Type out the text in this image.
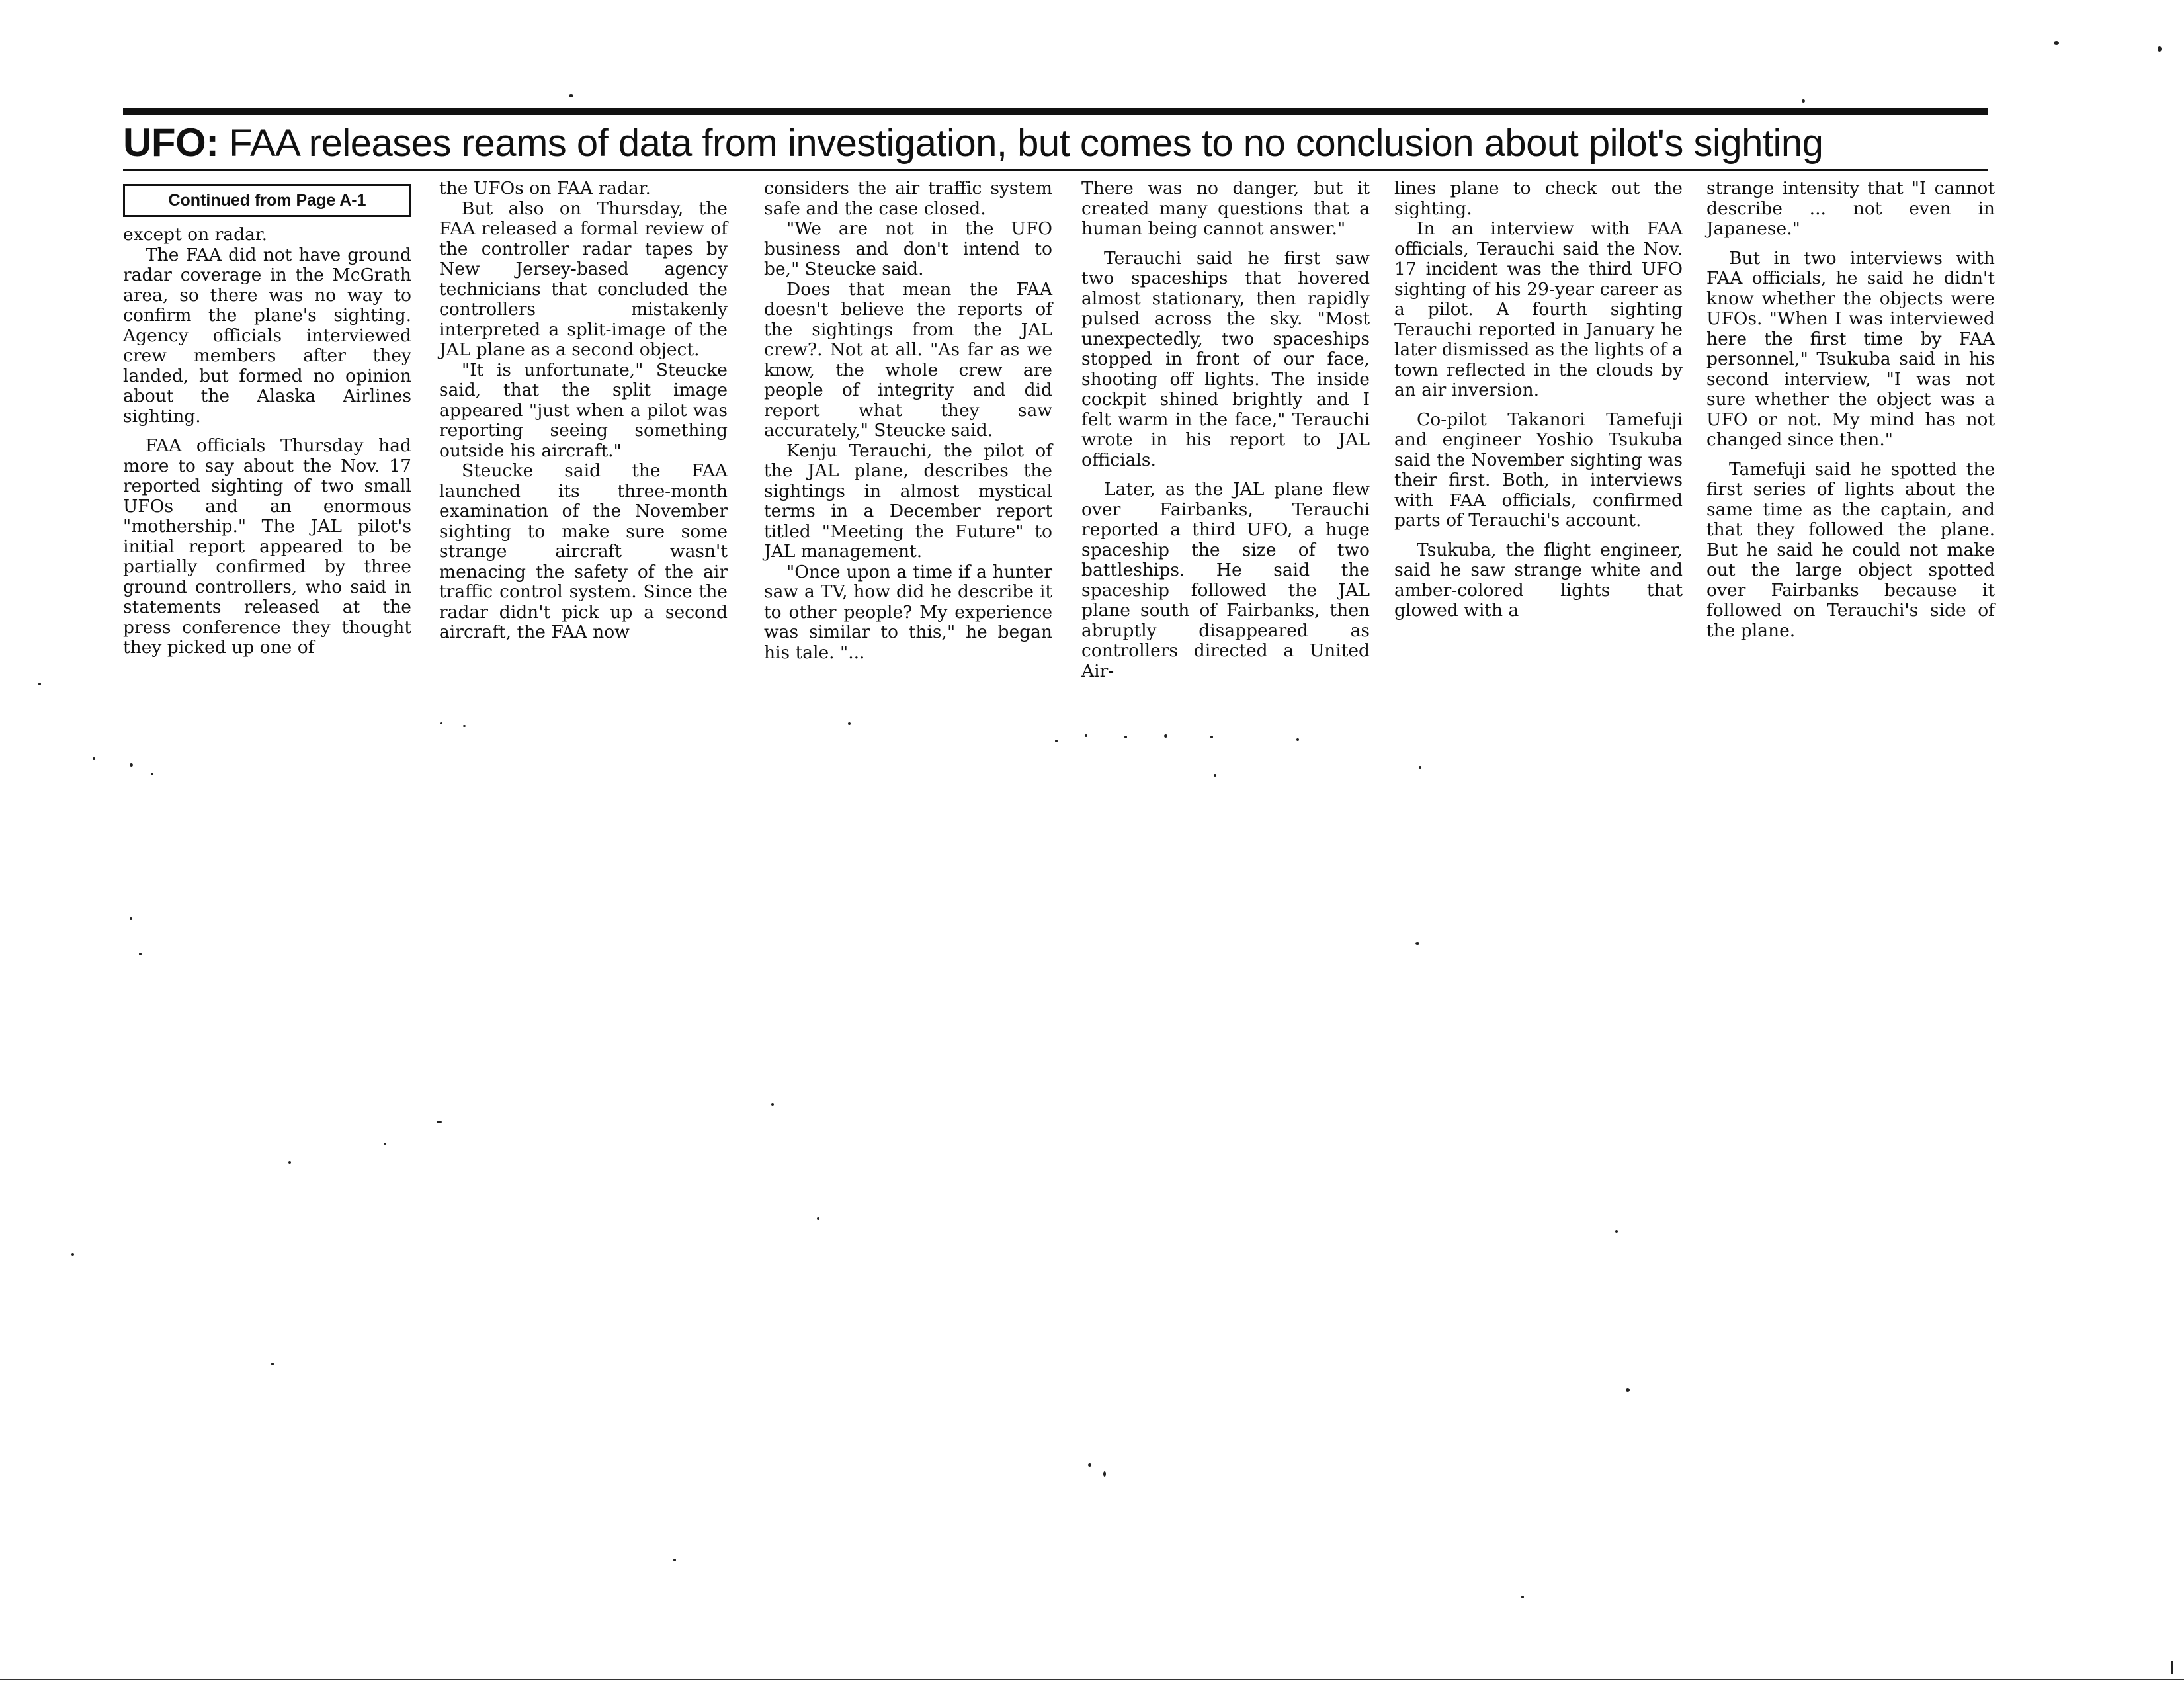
UFO: FAA releases reams of data from investigation, but comes to no conclusion about pilot's sighting
Continued from Page A-1

except on radar.

The FAA did not have ground radar coverage in the McGrath area, so there was no way to confirm the plane's sighting. Agency officials interviewed crew members after they landed, but formed no opinion about the Alaska Airlines sighting.

FAA officials Thursday had more to say about the Nov. 17 reported sighting of two small UFOs and an enormous "mothership." The JAL pilot's initial report appeared to be partially confirmed by three ground controllers, who said in statements released at the press conference they thought they picked up one of

the UFOs on FAA radar.

But also on Thursday, the FAA released a formal review of the controller radar tapes by New Jersey-based agency technicians that concluded the controllers mistakenly interpreted a split-image of the JAL plane as a second object.

"It is unfortunate," Steucke said, that the split image appeared "just when a pilot was reporting seeing something outside his aircraft."

Steucke said the FAA launched its three-month examination of the November sighting to make sure some strange aircraft wasn't menacing the safety of the air traffic control system. Since the radar didn't pick up a second aircraft, the FAA now

considers the air traffic system safe and the case closed.

"We are not in the UFO business and don't intend to be," Steucke said.

Does that mean the FAA doesn't believe the reports of the sightings from the JAL crew?. Not at all. "As far as we know, the whole crew are people of integrity and did report what they saw accurately," Steucke said.

Kenju Terauchi, the pilot of the JAL plane, describes the sightings in almost mystical terms in a December report titled "Meeting the Future" to JAL management.

"Once upon a time if a hunter saw a TV, how did he describe it to other people? My experience was similar to this," he began his tale. "...

There was no danger, but it created many questions that a human being cannot answer."

Terauchi said he first saw two spaceships that hovered almost stationary, then rapidly pulsed across the sky. "Most unexpectedly, two spaceships stopped in front of our face, shooting off lights. The inside cockpit shined brightly and I felt warm in the face," Terauchi wrote in his report to JAL officials.

Later, as the JAL plane flew over Fairbanks, Terauchi reported a third UFO, a huge spaceship the size of two battleships. He said the spaceship followed the JAL plane south of Fairbanks, then abruptly disappeared as controllers directed a United Air-

lines plane to check out the sighting.

In an interview with FAA officials, Terauchi said the Nov. 17 incident was the third UFO sighting of his 29-year career as a pilot. A fourth sighting Terauchi reported in January he later dismissed as the lights of a town reflected in the clouds by an air inversion.

Co-pilot Takanori Tamefuji and engineer Yoshio Tsukuba said the November sighting was their first. Both, in interviews with FAA officials, confirmed parts of Terauchi's account.

Tsukuba, the flight engineer, said he saw strange white and amber-colored lights that glowed with a

strange intensity that "I cannot describe ... not even in Japanese."

But in two interviews with FAA officials, he said he didn't know whether the objects were UFOs. "When I was interviewed here the first time by FAA personnel," Tsukuba said in his second interview, "I was not sure whether the object was a UFO or not. My mind has not changed since then."

Tamefuji said he spotted the first series of lights about the same time as the captain, and that they followed the plane. But he said he could not make out the large object spotted over Fairbanks because it followed on Terauchi's side of the plane.
